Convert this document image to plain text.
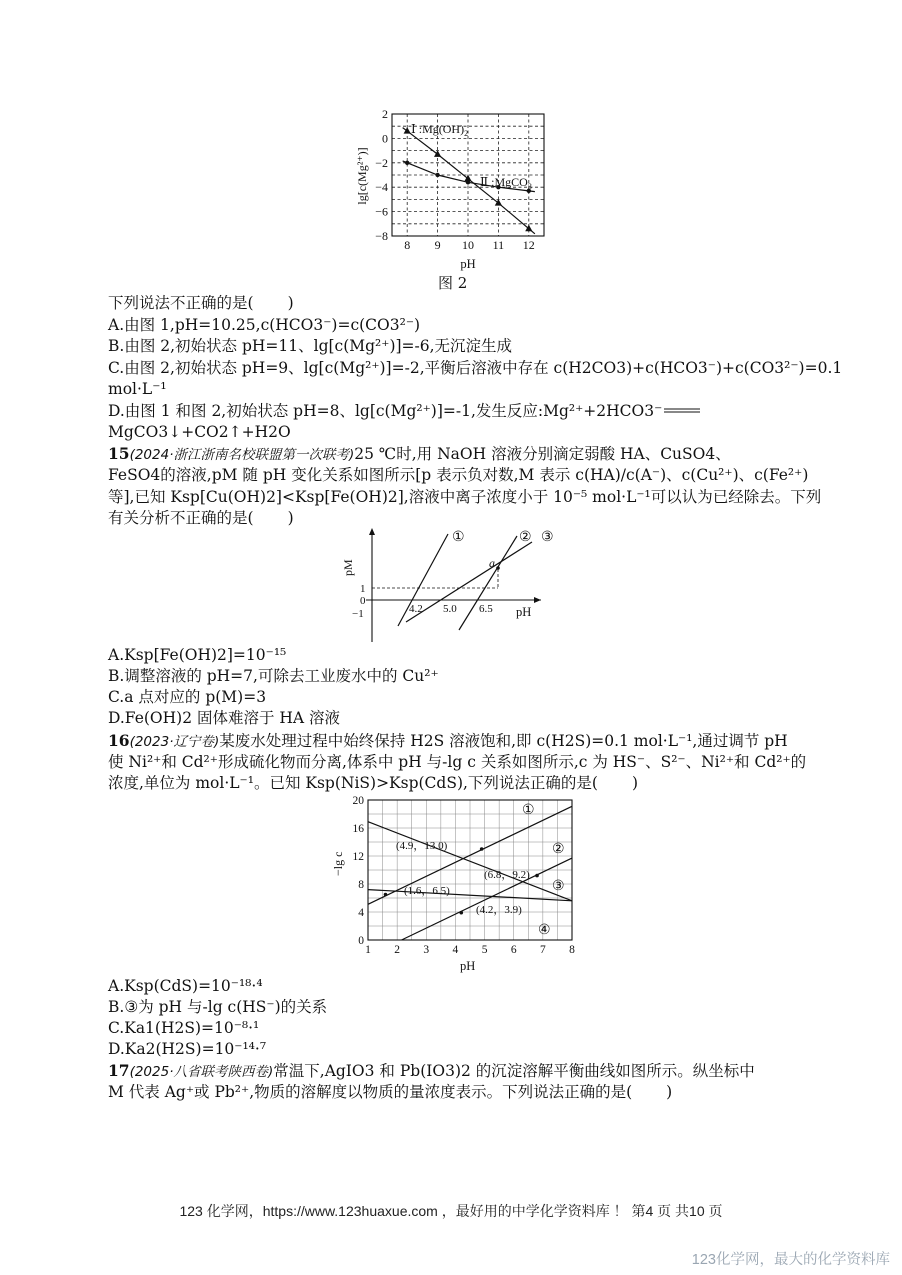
8 9 10 11 12
2
0
−2
−4
−6
−8
lg[c(Mg²⁺)]
pH
Ⅰ $:Mg(OH)_2$
Ⅱ :MgCO$_3$
图 2
下列说法不正确的是( )
A.由图 1,pH=10.25,c(HCO3⁻)=c(CO3²⁻)
B.由图 2,初始状态 pH=11、lg[c(Mg²⁺)]=-6,无沉淀生成
C.由图 2,初始状态 pH=9、lg[c(Mg²⁺)]=-2,平衡后溶液中存在 c(H2CO3)+c(HCO3⁻)+c(CO3²⁻)=0.1
mol·L⁻¹
D.由图 1 和图 2,初始状态 pH=8、lg[c(Mg²⁺)]=-1,发生反应:Mg²⁺+2HCO3⁻
MgCO3↓+CO2↑+H2O
15(2024·浙江浙南名校联盟第一次联考)25 ℃时,用 NaOH 溶液分别滴定弱酸 HA、CuSO4、
FeSO4的溶液,pM 随 pH 变化关系如图所示[p 表示负对数,M 表示 c(HA)/c(A⁻)、c(Cu²⁺)、c(Fe²⁺)
等],已知 Ksp[Cu(OH)2]<Ksp[Fe(OH)2],溶液中离子浓度小于 10⁻⁵ mol·L⁻¹可以认为已经除去。下列
有关分析不正确的是( )
pM
pH
1
0
−1	4.2 5.0 6.5
a
①	② ③
A.Ksp[Fe(OH)2]=10⁻¹⁵
B.调整溶液的 pH=7,可除去工业废水中的 Cu²⁺
C.a 点对应的 p(M)=3
D.Fe(OH)2 固体难溶于 HA 溶液
16(2023·辽宁卷)某废水处理过程中始终保持 H2S 溶液饱和,即 c(H2S)=0.1 mol·L⁻¹,通过调节 pH
使 Ni²⁺和 Cd²⁺形成硫化物而分离,体系中 pH 与-lg c 关系如图所示,c 为 HS⁻、S²⁻、Ni²⁺和 Cd²⁺的
浓度,单位为 mol·L⁻¹。已知 Ksp(NiS)>Ksp(CdS),下列说法正确的是( )
1 2 3 4 5 6 7 8
20
16
12
8
4
0
−lg c
pH
(4.9，13.0)
(6.8，9.2)
(1.6，6.5)
(4.2，3.9)
①
②
③
④
A.Ksp(CdS)=10⁻¹⁸·⁴
B.③为 pH 与-lg c(HS⁻)的关系
C.Ka1(H2S)=10⁻⁸·¹
D.Ka2(H2S)=10⁻¹⁴·⁷
17(2025·八省联考陕西卷)常温下,AgIO3 和 Pb(IO3)2 的沉淀溶解平衡曲线如图所示。纵坐标中
M 代表 Ag⁺或 Pb²⁺,物质的溶解度以物质的量浓度表示。下列说法正确的是( )
123 化学网，https://www.123huaxue.com ，最好用的中学化学资料库 ！ 第4 页 共10 页
123化学网，最大的化学资料库
